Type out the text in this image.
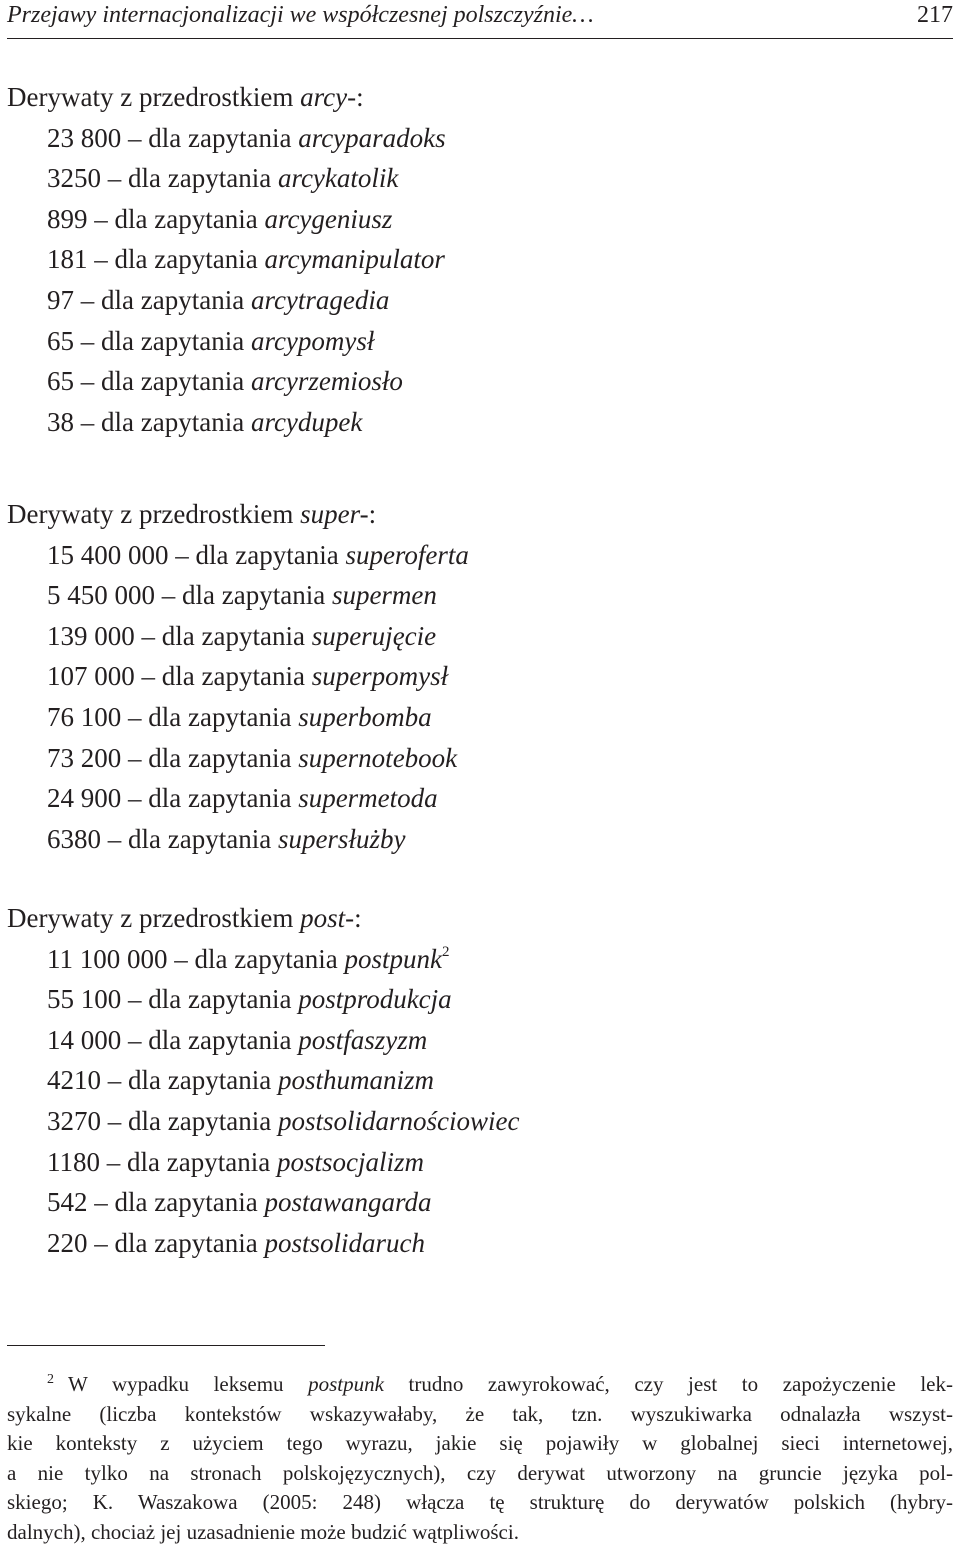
Przejawy internacjonalizacji we współczesnej polszczyźnie…	217
Derywaty z przedrostkiem arcy-:
23 800 – dla zapytania arcyparadoks
3250 – dla zapytania arcykatolik
899 – dla zapytania arcygeniusz
181 – dla zapytania arcymanipulator
97 – dla zapytania arcytragedia
65 – dla zapytania arcypomysł
65 – dla zapytania arcyrzemiosło
38 – dla zapytania arcydupek
Derywaty z przedrostkiem super-:
15 400 000 – dla zapytania superoferta
5 450 000 – dla zapytania supermen
139 000 – dla zapytania superujęcie
107 000 – dla zapytania superpomysł
76 100 – dla zapytania superbomba
73 200 – dla zapytania supernotebook
24 900 – dla zapytania supermetoda
6380 – dla zapytania supersłużby
Derywaty z przedrostkiem post-:
11 100 000 – dla zapytania postpunk$^2$
55 100 – dla zapytania postprodukcja
14 000 – dla zapytania postfaszyzm
4210 – dla zapytania posthumanizm
3270 – dla zapytania postsolidarnościowiec
1180 – dla zapytania postsocjalizm
542 – dla zapytania postawangarda
220 – dla zapytania postsolidaruch
$^2$ W wypadku leksemu postpunk trudno zawyrokować, czy jest to zapożyczenie lek-
sykalne (liczba kontekstów wskazywałaby, że tak, tzn. wyszukiwarka odnalazła wszyst-
kie konteksty z użyciem tego wyrazu, jakie się pojawiły w globalnej sieci internetowej,
a nie tylko na stronach polskojęzycznych), czy derywat utworzony na gruncie języka pol-
skiego; K. Waszakowa (2005: 248) włącza tę strukturę do derywatów polskich (hybry-
dalnych), chociaż jej uzasadnienie może budzić wątpliwości.
